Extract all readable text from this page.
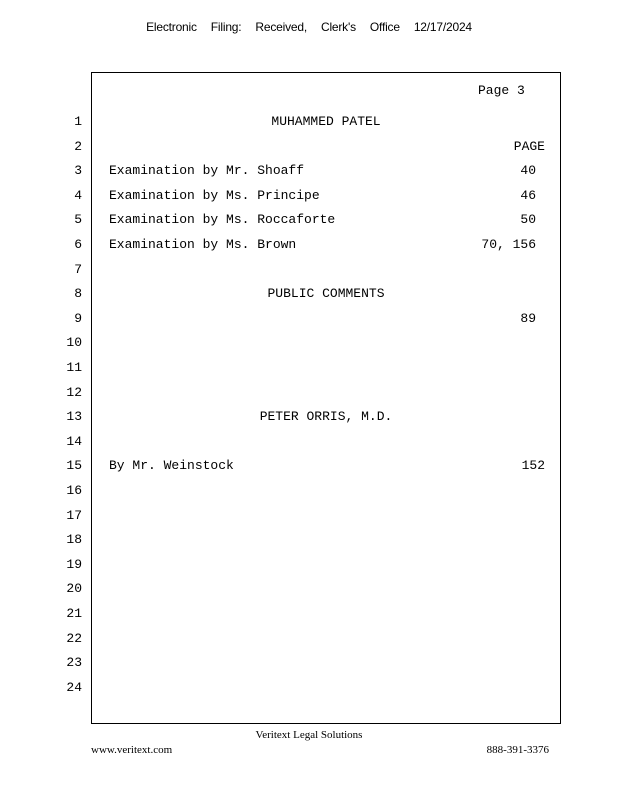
Electronic Filing: Received, Clerk's Office 12/17/2024
Page 3
1	MUHAMMED PATEL
2	PAGE
3 Examination by Mr. Shoaff	40
4 Examination by Ms. Principe	46
5 Examination by Ms. Roccaforte	50
6 Examination by Ms. Brown	70, 156
7
8	PUBLIC COMMENTS
9	89
10
11
12
13	PETER ORRIS, M.D.
14
15 By Mr. Weinstock	152
16
17
18
19
20
21
22
23
24
Veritext Legal Solutions
www.veritext.com	888-391-3376
